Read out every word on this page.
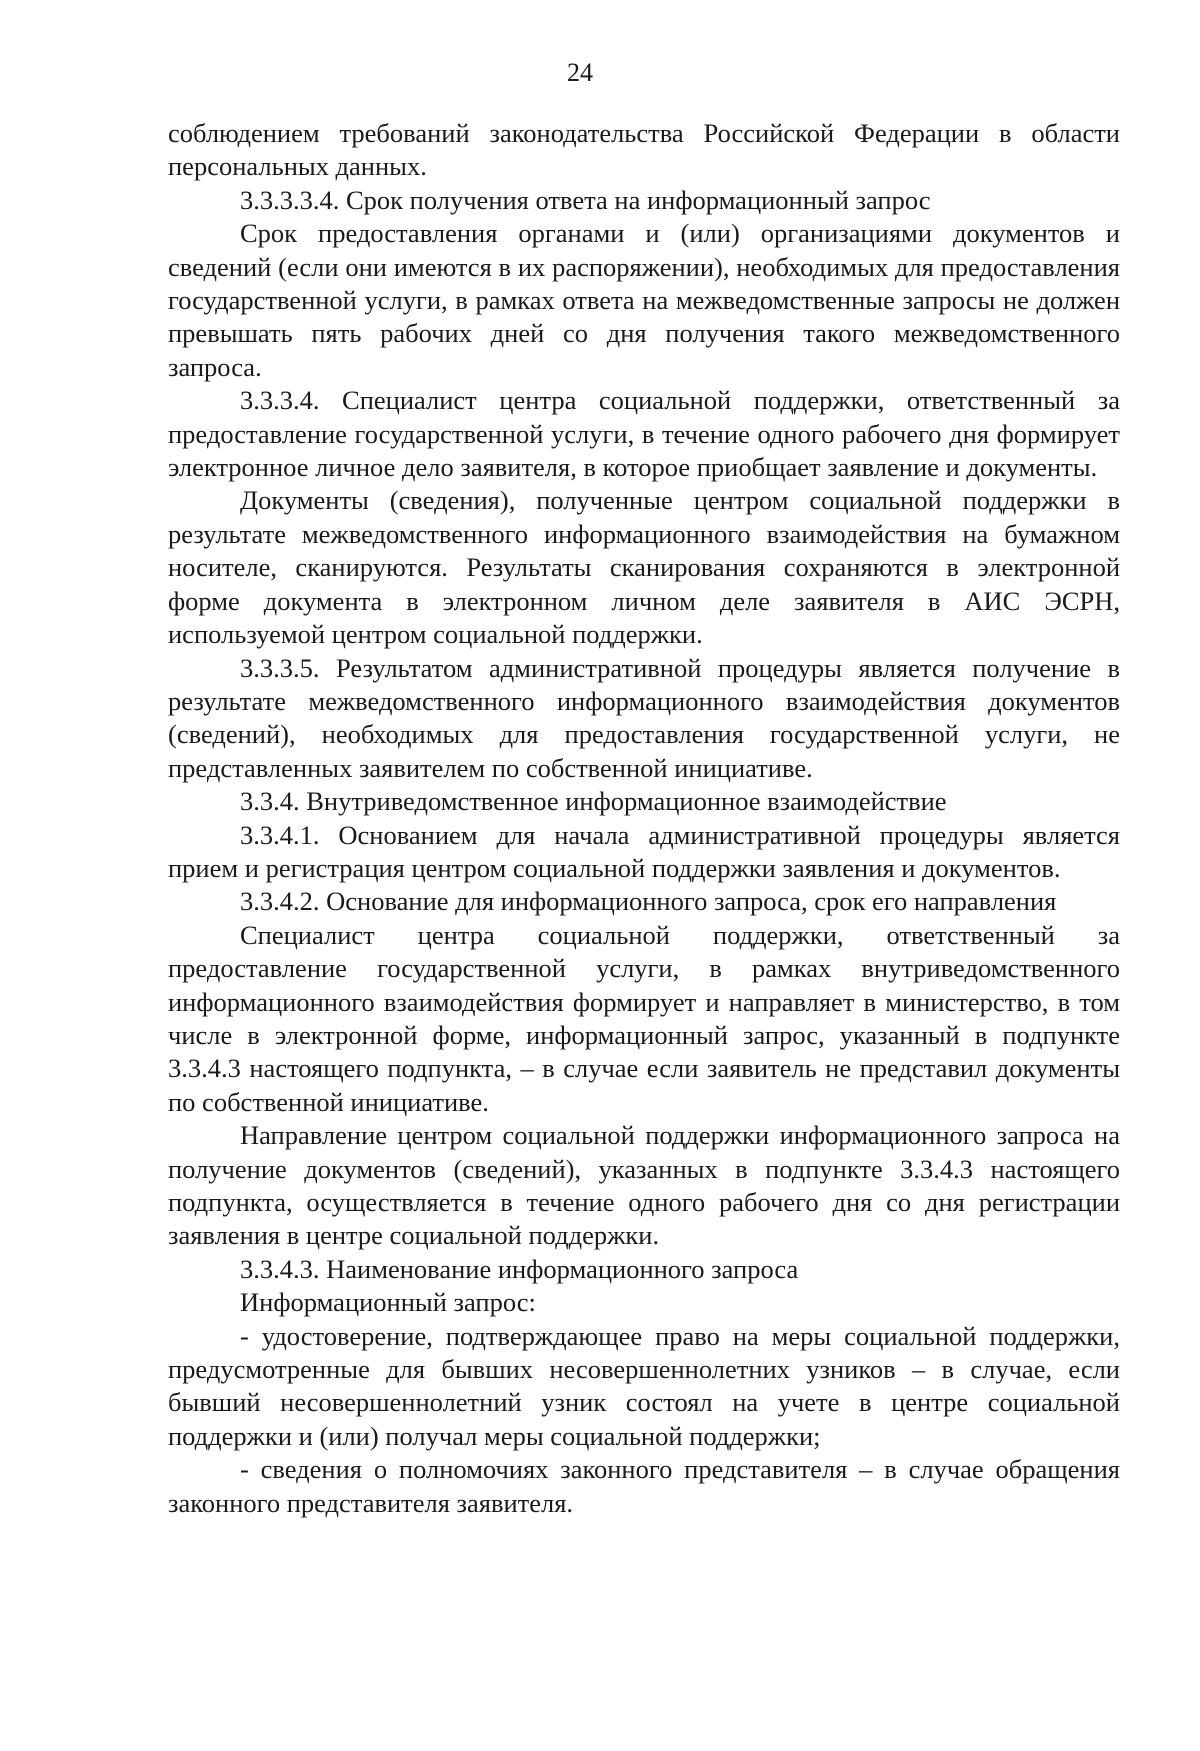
24

соблюдением требований законодательства Российской Федерации в области персональных данных.

3.3.3.3.4. Срок получения ответа на информационный запрос

Срок предоставления органами и (или) организациями документов и сведений (если они имеются в их распоряжении), необходимых для предоставления государственной услуги, в рамках ответа на межведомственные запросы не должен превышать пять рабочих дней со дня получения такого межведомственного запроса.

3.3.3.4. Специалист центра социальной поддержки, ответственный за предоставление государственной услуги, в течение одного рабочего дня формирует электронное личное дело заявителя, в которое приобщает заявление и документы.

Документы (сведения), полученные центром социальной поддержки в результате межведомственного информационного взаимодействия на бумажном носителе, сканируются. Результаты сканирования сохраняются в электронной форме документа в электронном личном деле заявителя в АИС ЭСРН, используемой центром социальной поддержки.

3.3.3.5. Результатом административной процедуры является получение в результате межведомственного информационного взаимодействия документов (сведений), необходимых для предоставления государственной услуги, не представленных заявителем по собственной инициативе.

3.3.4. Внутриведомственное информационное взаимодействие

3.3.4.1. Основанием для начала административной процедуры является прием и регистрация центром социальной поддержки заявления и документов.

3.3.4.2. Основание для информационного запроса, срок его направления

Специалист центра социальной поддержки, ответственный за предоставление государственной услуги, в рамках внутриведомственного информационного взаимодействия формирует и направляет в министерство, в том числе в электронной форме, информационный запрос, указанный в подпункте 3.3.4.3 настоящего подпункта, – в случае если заявитель не представил документы по собственной инициативе.

Направление центром социальной поддержки информационного запроса на получение документов (сведений), указанных в подпункте 3.3.4.3 настоящего подпункта, осуществляется в течение одного рабочего дня со дня регистрации заявления в центре социальной поддержки.

3.3.4.3. Наименование информационного запроса

Информационный запрос:

- удостоверение, подтверждающее право на меры социальной поддержки, предусмотренные для бывших несовершеннолетних узников – в случае, если бывший несовершеннолетний узник состоял на учете в центре социальной поддержки и (или) получал меры социальной поддержки;

- сведения о полномочиях законного представителя – в случае обращения законного представителя заявителя.
